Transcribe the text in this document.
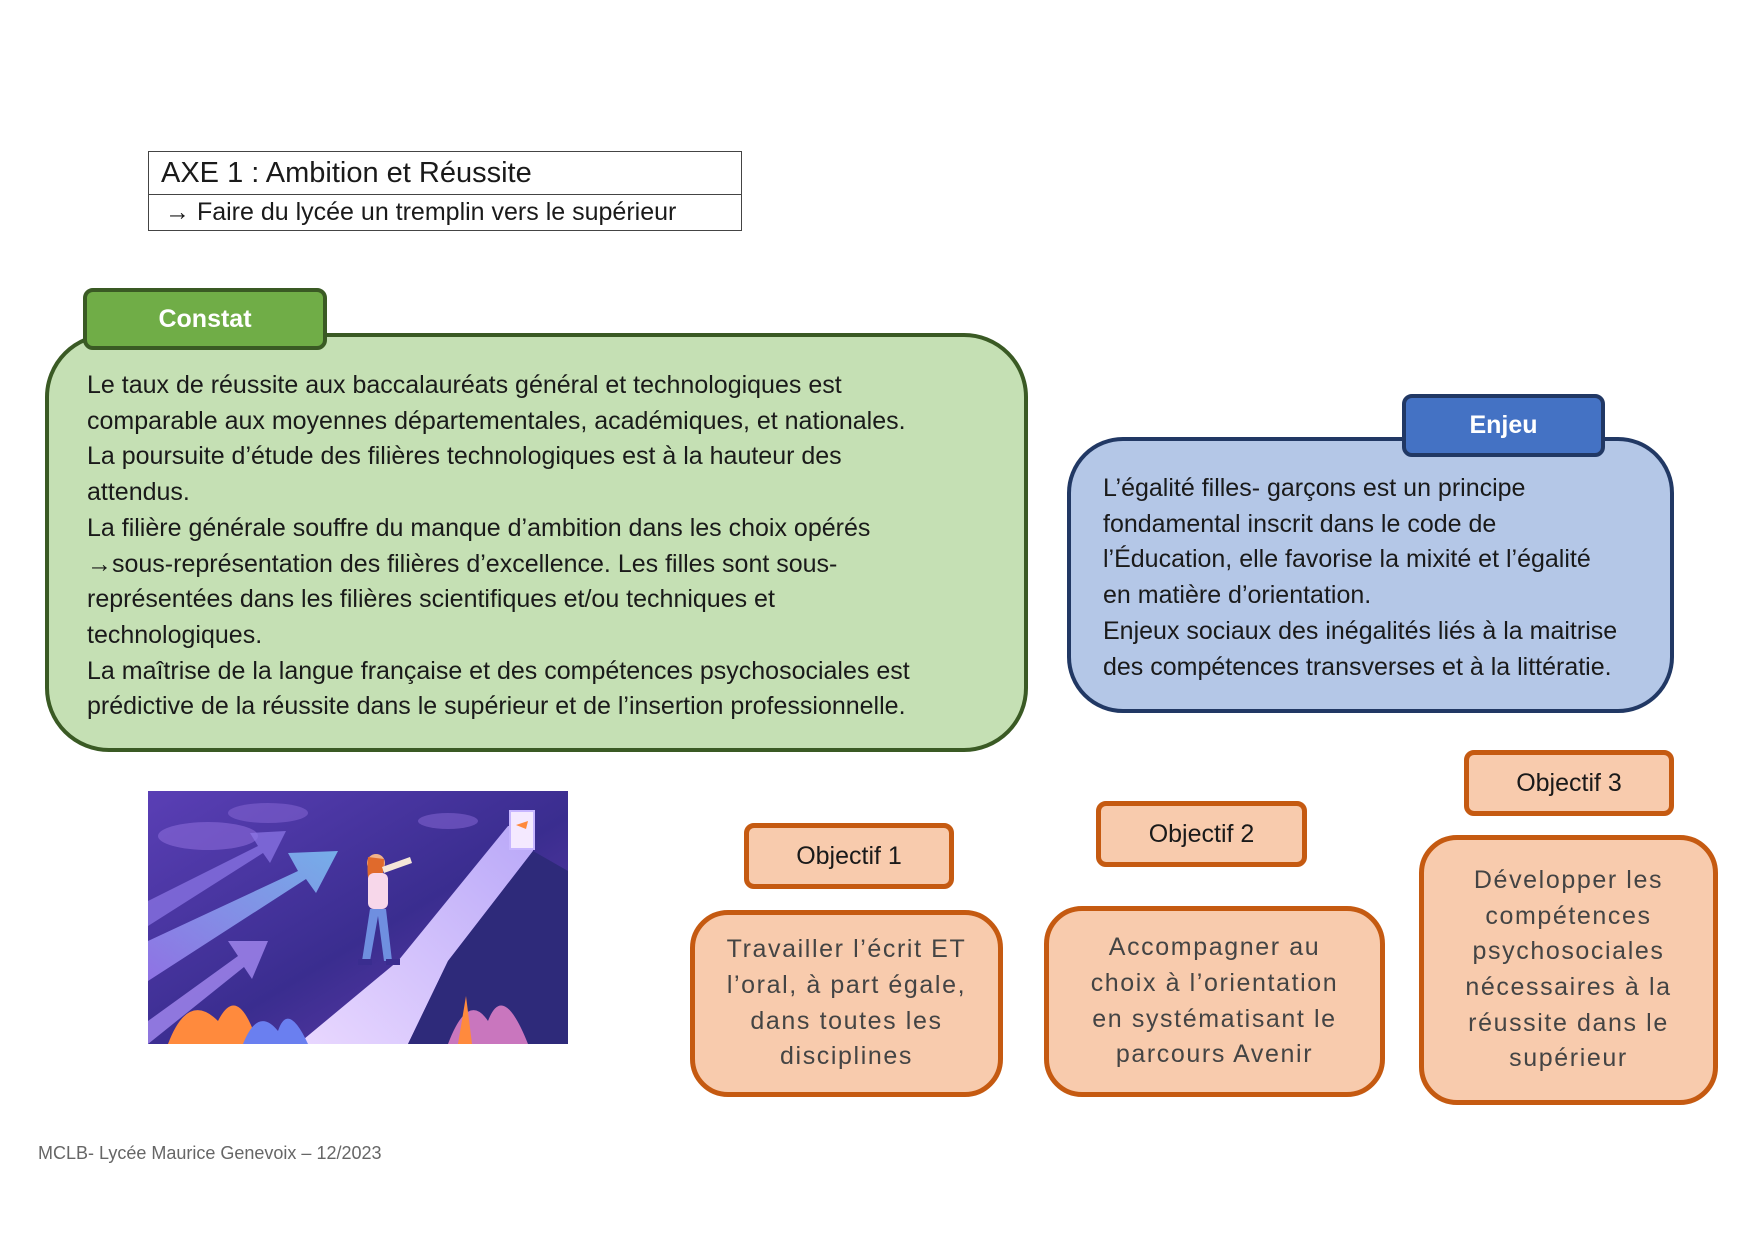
AXE 1 : Ambition et Réussite
→ Faire du lycée un tremplin vers le supérieur

Le taux de réussite aux baccalauréats général et technologiques est

comparable aux moyennes départementales, académiques, et nationales.

La poursuite d’étude des filières technologiques est à la hauteur des

attendus.

La filière générale souffre du manque d’ambition dans les choix opérés

→sous-représentation des filières d’excellence. Les filles sont sous-

représentées dans les filières scientifiques et/ou techniques et

technologiques.

La maîtrise de la langue française et des compétences psychosociales est

prédictive de la réussite dans le supérieur et de l’insertion professionnelle.

Constat

L’égalité filles- garçons est un principe

fondamental inscrit dans le code de

l’Éducation, elle favorise la mixité et l’égalité

en matière d’orientation.

Enjeux sociaux des inégalités liés à la maitrise

des compétences transverses et à la littératie.

Enjeu
Objectif 1
Travailler l’écrit ET
l’oral, à part égale,
dans toutes les
disciplines
Objectif 2
Accompagner au
choix à l’orientation
en systématisant le
parcours Avenir
Objectif 3
Développer les
compétences
psychosociales
nécessaires à la
réussite dans le
supérieur
MCLB- Lycée Maurice Genevoix – 12/2023
